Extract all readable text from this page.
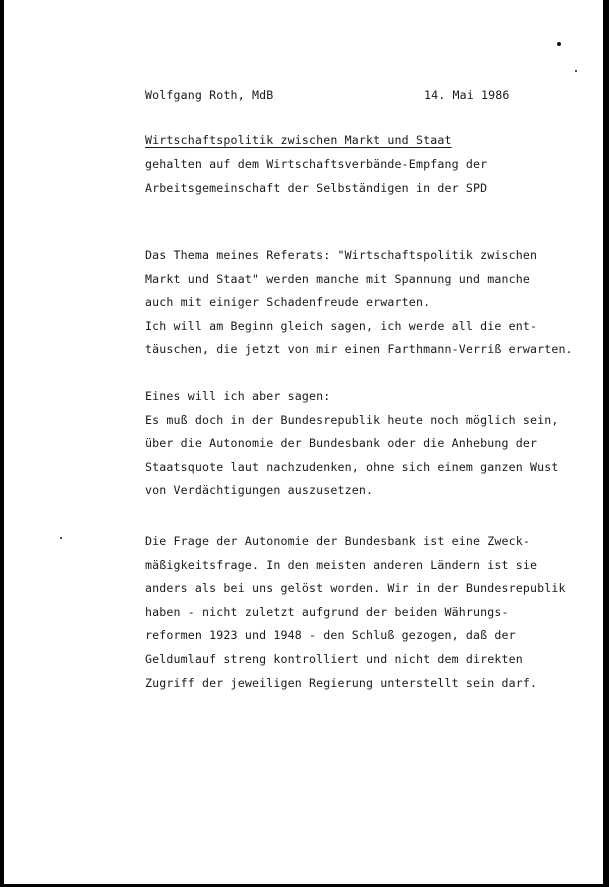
Wolfgang Roth, MdB	14. Mai 1986
Wirtschaftspolitik zwischen Markt und Staat
gehalten auf dem Wirtschaftsverbände-Empfang der
Arbeitsgemeinschaft der Selbständigen in der SPD
Das Thema meines Referats: "Wirtschaftspolitik zwischen
Markt und Staat" werden manche mit Spannung und manche
auch mit einiger Schadenfreude erwarten.
Ich will am Beginn gleich sagen, ich werde all die ent-
täuschen, die jetzt von mir einen Farthmann-Verriß erwarten.
Eines will ich aber sagen:
Es muß doch in der Bundesrepublik heute noch möglich sein,
über die Autonomie der Bundesbank oder die Anhebung der
Staatsquote laut nachzudenken, ohne sich einem ganzen Wust
von Verdächtigungen auszusetzen.
Die Frage der Autonomie der Bundesbank ist eine Zweck-
mäßigkeitsfrage. In den meisten anderen Ländern ist sie
anders als bei uns gelöst worden. Wir in der Bundesrepublik
haben - nicht zuletzt aufgrund der beiden Währungs-
reformen 1923 und 1948 - den Schluß gezogen, daß der
Geldumlauf streng kontrolliert und nicht dem direkten
Zugriff der jeweiligen Regierung unterstellt sein darf.
